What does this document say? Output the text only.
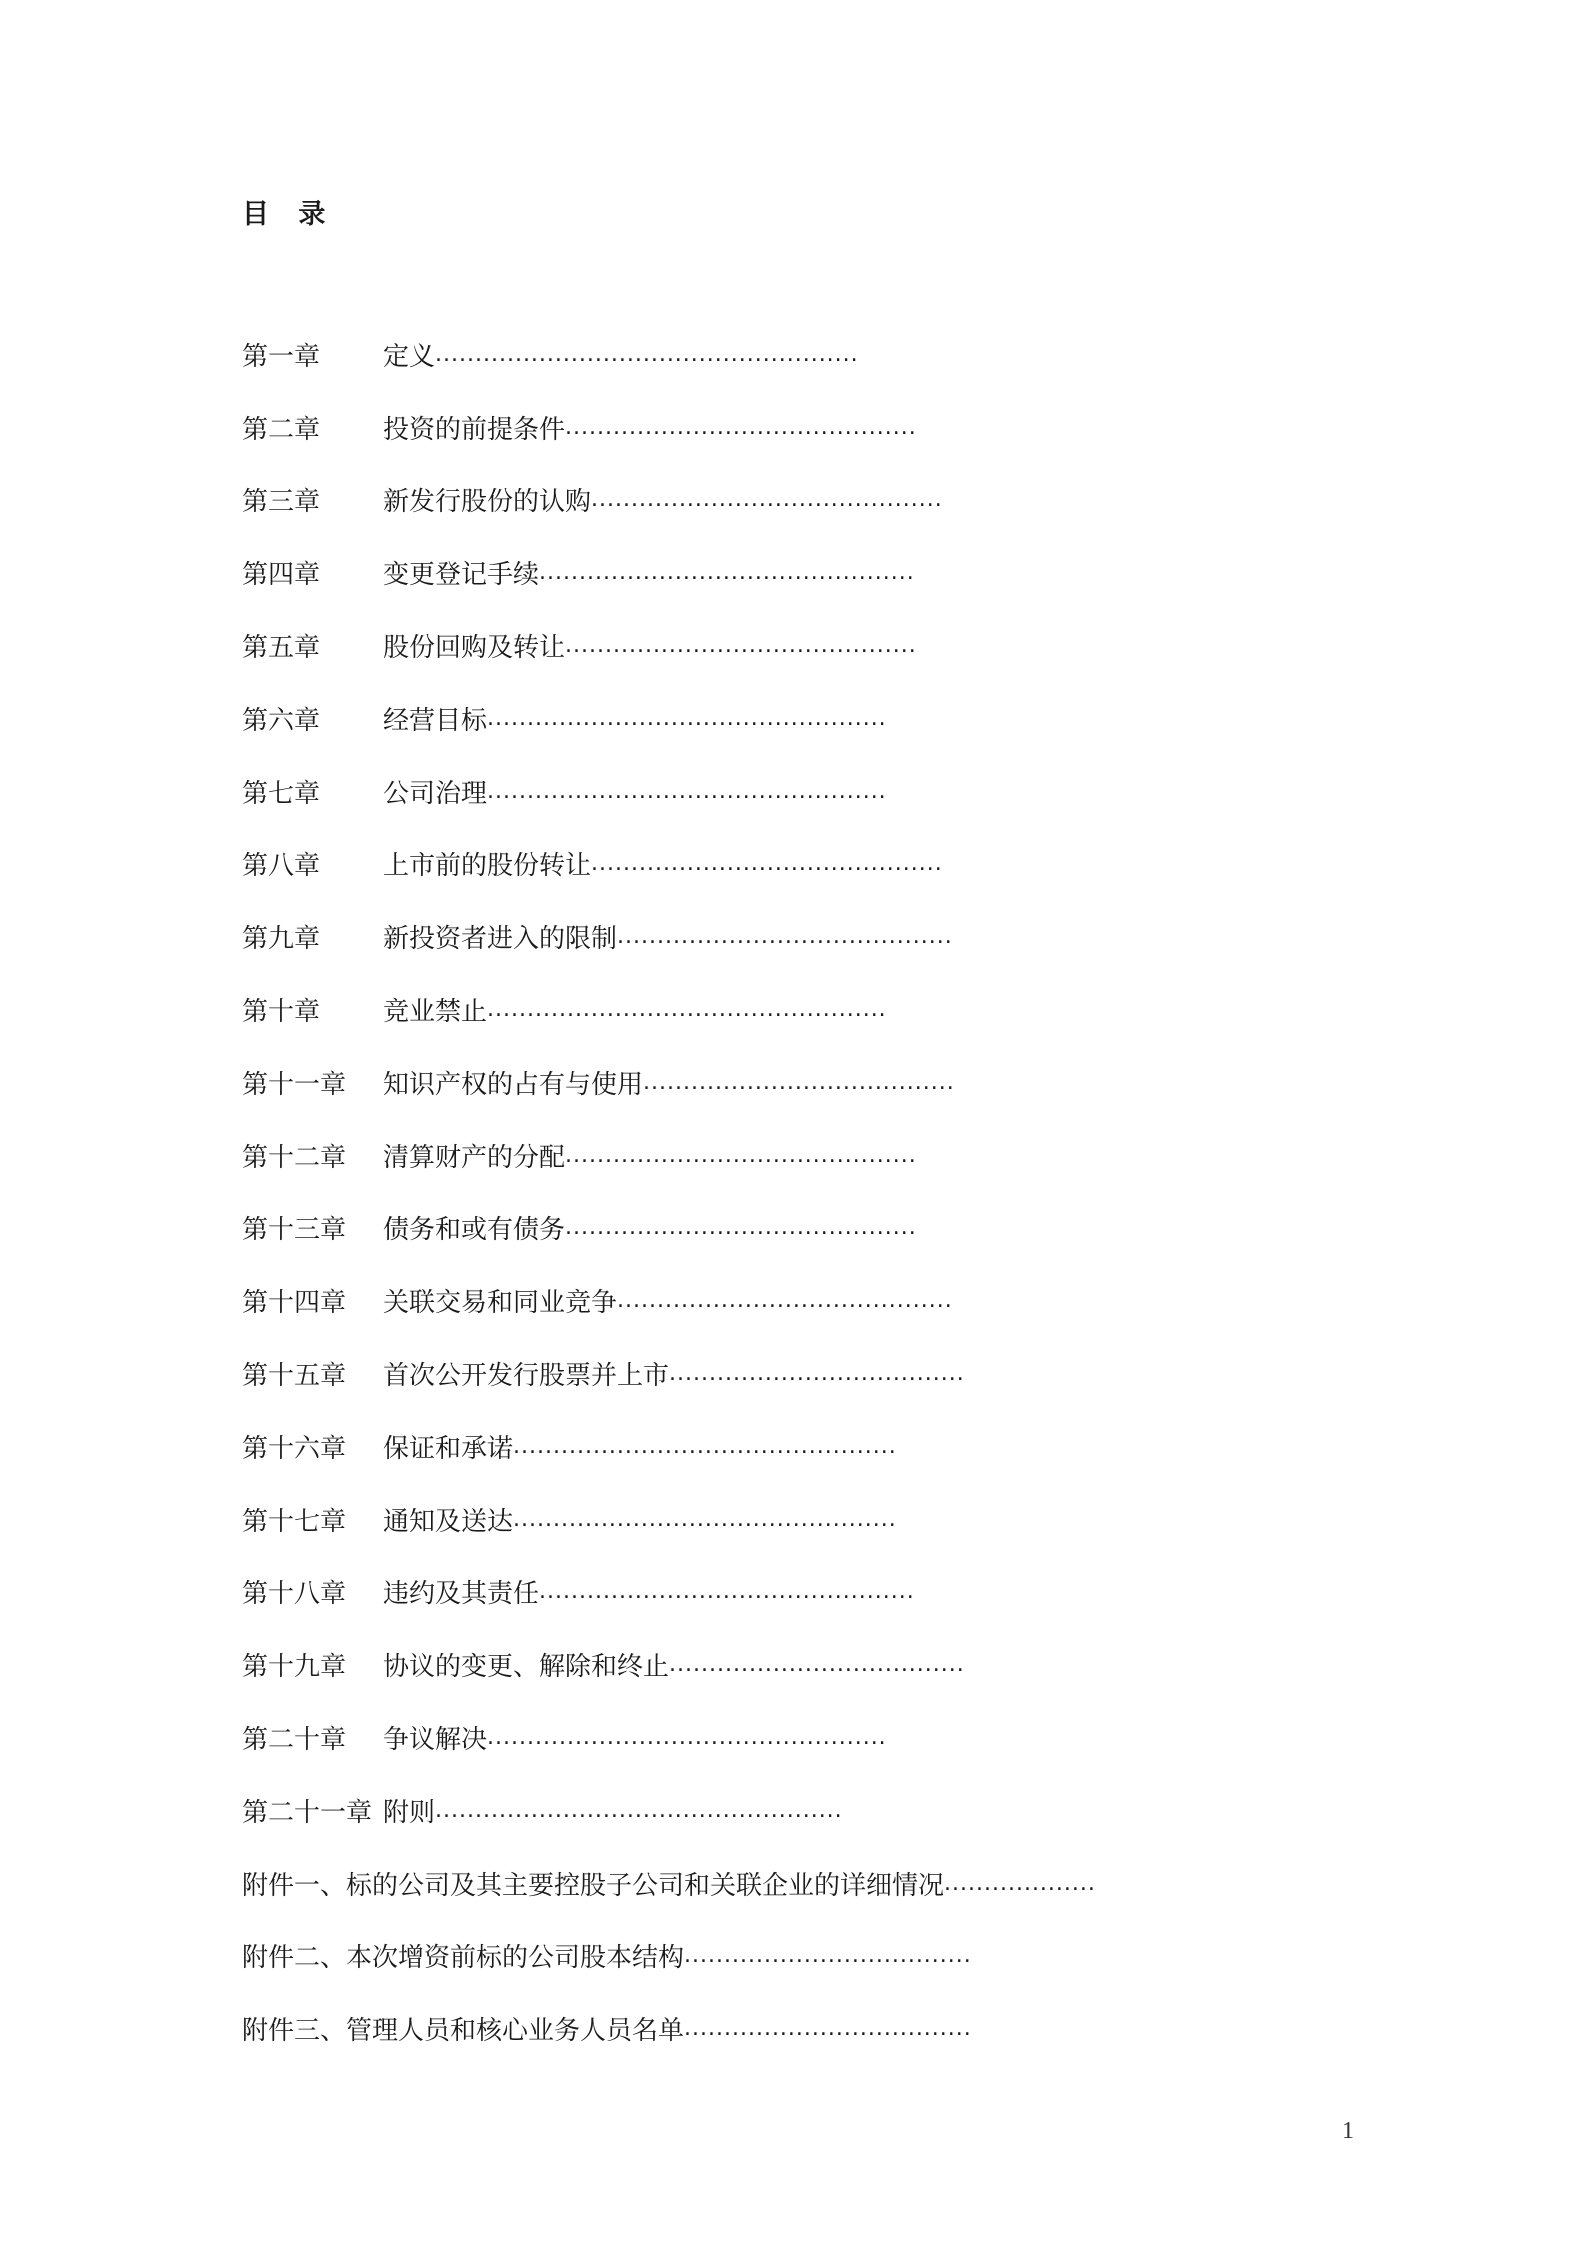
目 录
第一章	定义 .....................................................
第二章	投资的前提条件 ............................................
第三章	新发行股份的认购 ............................................
第四章	变更登记手续 ...............................................
第五章	股份回购及转让 ............................................
第六章	经营目标 ..................................................
第七章	公司治理 ..................................................
第八章	上市前的股份转让 ............................................
第九章	新投资者进入的限制 ..........................................
第十章	竞业禁止 ..................................................
第十一章	知识产权的占有与使用 .......................................
第十二章	清算财产的分配 ............................................
第十三章	债务和或有债务 ............................................
第十四章	关联交易和同业竞争 ..........................................
第十五章	首次公开发行股票并上市 .....................................
第十六章	保证和承诺 ................................................
第十七章	通知及送达 ................................................
第十八章	违约及其责任 ...............................................
第十九章	协议的变更、解除和终止 .....................................
第二十章	争议解决 ..................................................
第二十一章 附则 ...................................................
附件一、标的公司及其主要控股子公司和关联企业的详细情况 ...................
附件二、本次增资前标的公司股本结构 ....................................
附件三、管理人员和核心业务人员名单 ....................................
1
